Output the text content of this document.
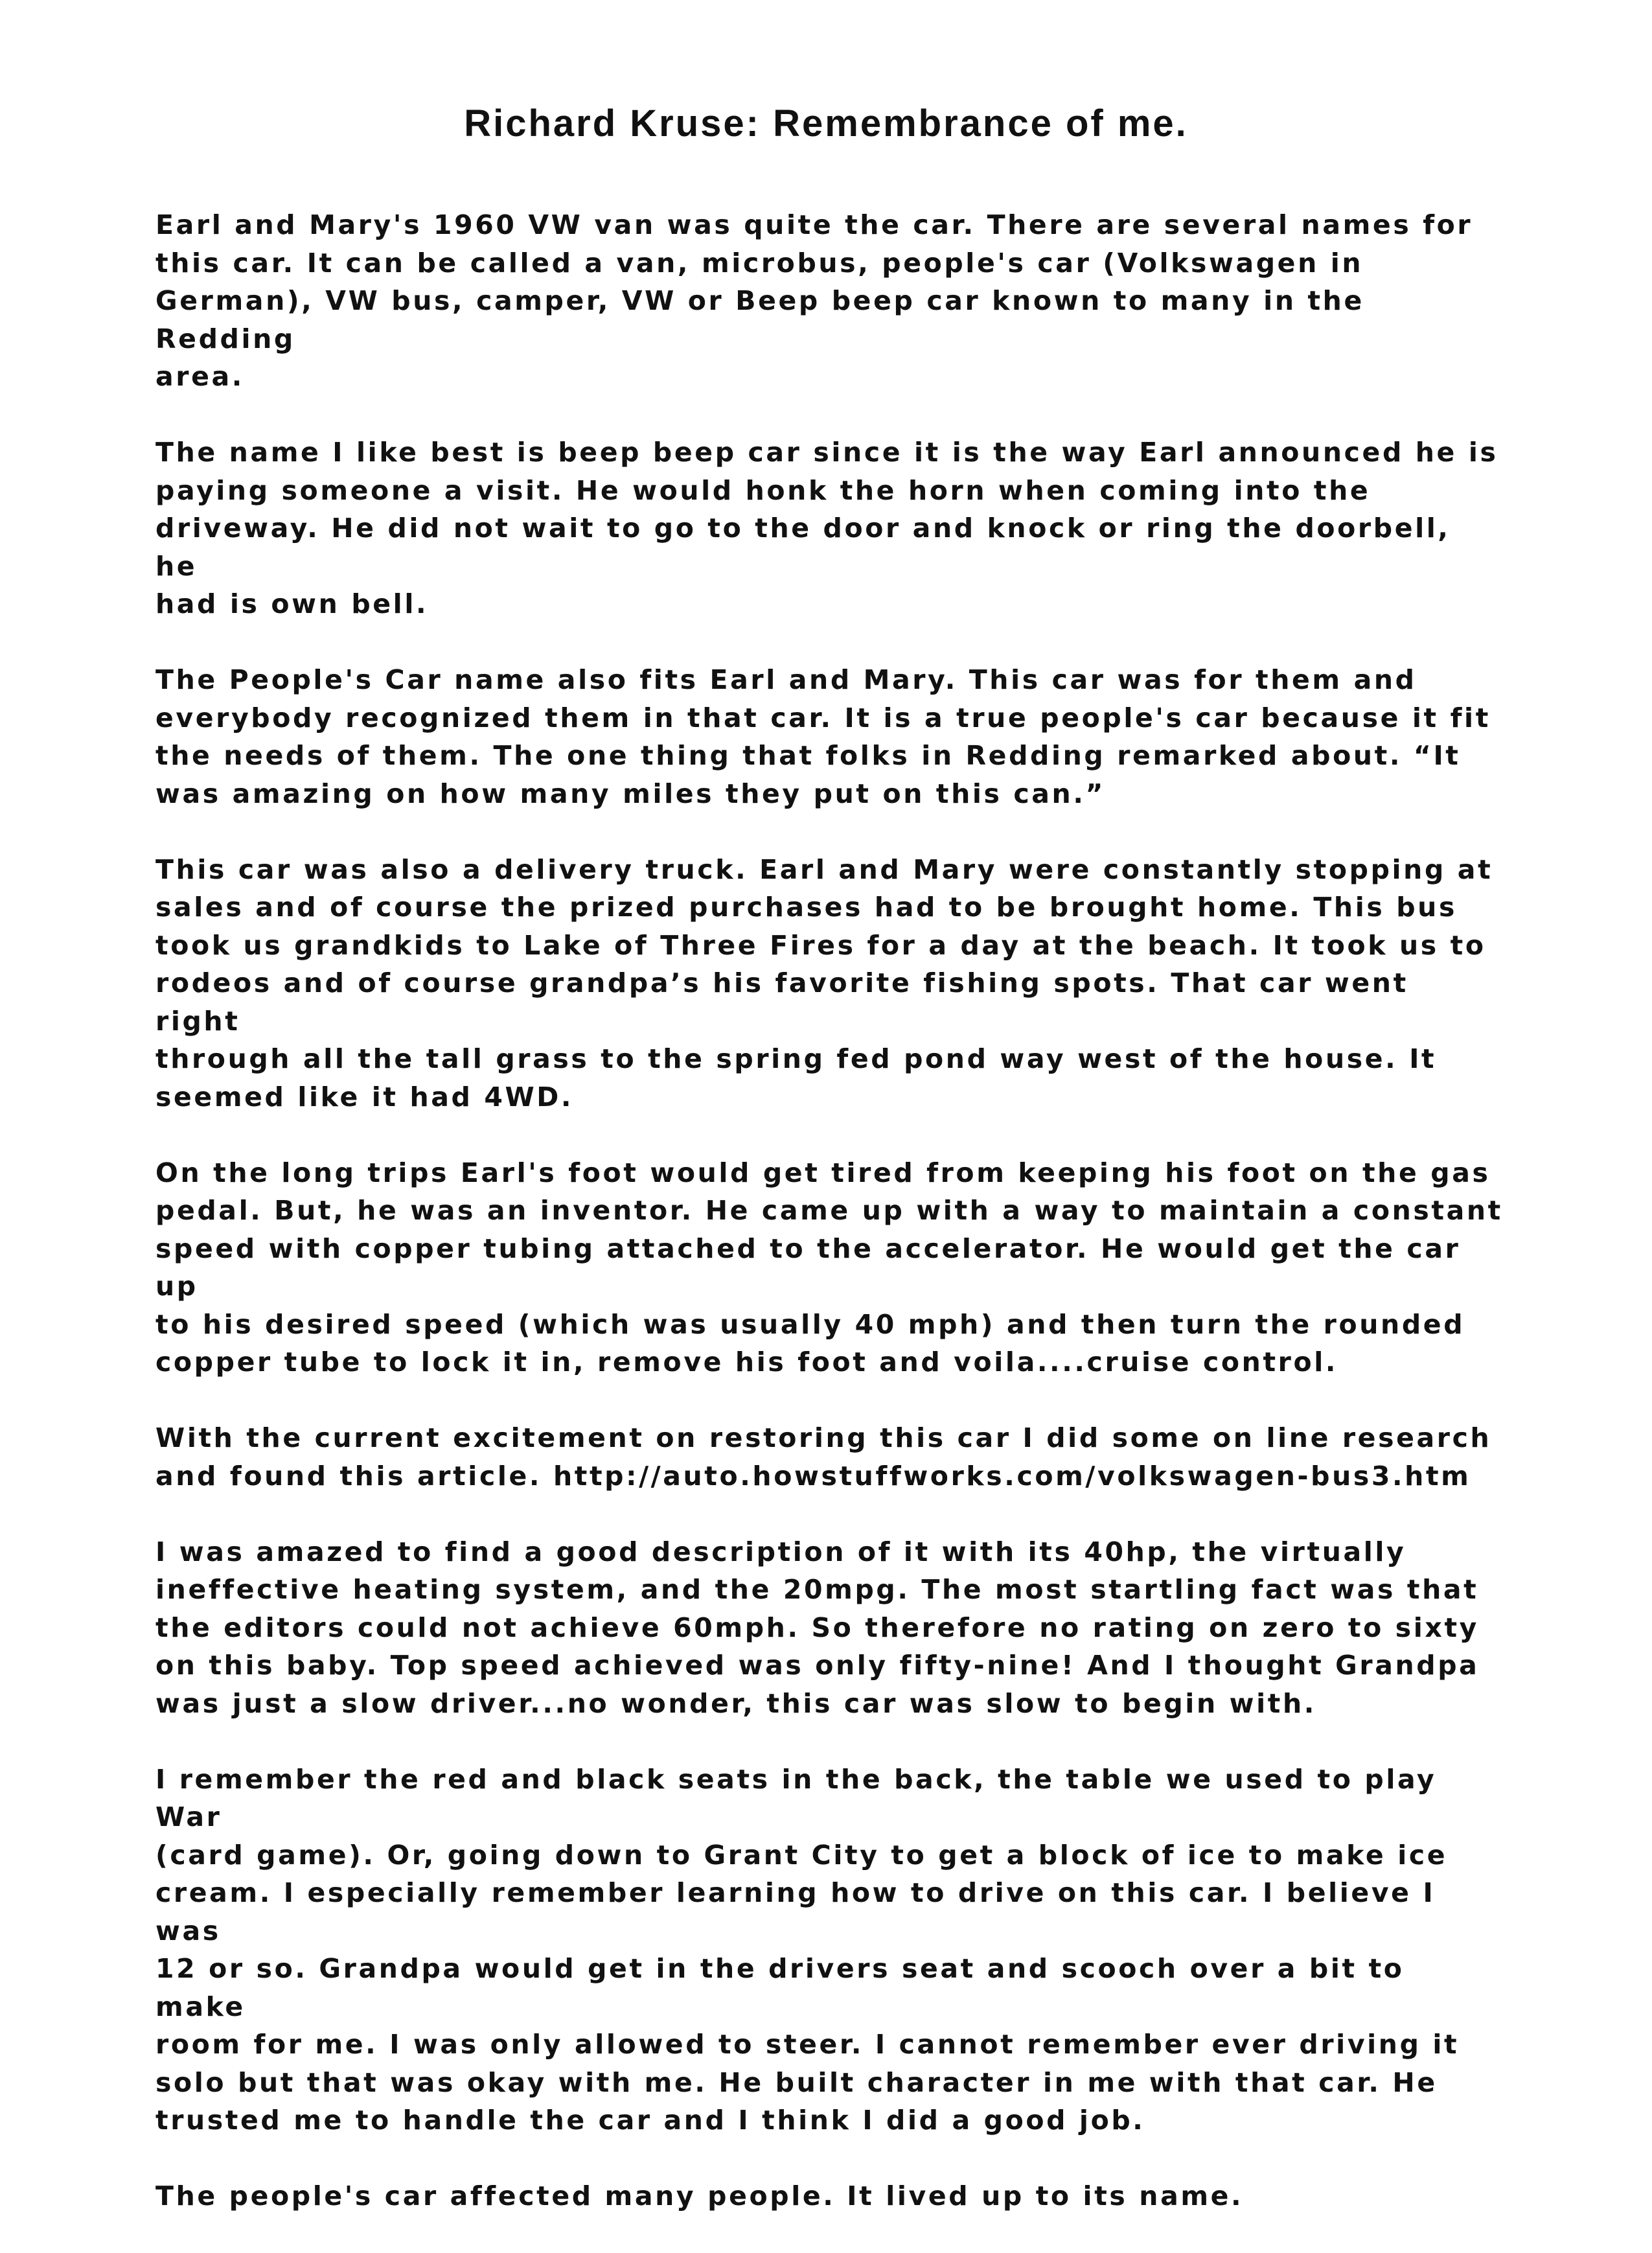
Richard Kruse: Remembrance of me.

Earl and Mary's 1960 VW van was quite the car. There are several names for
this car. It can be called a van, microbus, people's car (Volkswagen in
German), VW bus, camper, VW or Beep beep car known to many in the Redding
area.

The name I like best is beep beep car since it is the way Earl announced he is
paying someone a visit. He would honk the horn when coming into the
driveway. He did not wait to go to the door and knock or ring the doorbell, he
had is own bell.

The People's Car name also fits Earl and Mary. This car was for them and
everybody recognized them in that car. It is a true people's car because it fit
the needs of them. The one thing that folks in Redding remarked about. “It
was amazing on how many miles they put on this can.”

This car was also a delivery truck. Earl and Mary were constantly stopping at
sales and of course the prized purchases had to be brought home. This bus
took us grandkids to Lake of Three Fires for a day at the beach. It took us to
rodeos and of course grandpa’s his favorite fishing spots. That car went right
through all the tall grass to the spring fed pond way west of the house. It
seemed like it had 4WD.

On the long trips Earl's foot would get tired from keeping his foot on the gas
pedal. But, he was an inventor. He came up with a way to maintain a constant
speed with copper tubing attached to the accelerator. He would get the car up
to his desired speed (which was usually 40 mph) and then turn the rounded
copper tube to lock it in, remove his foot and voila....cruise control.

With the current excitement on restoring this car I did some on line research
and found this article. http://auto.howstuffworks.com/volkswagen-bus3.htm

I was amazed to find a good description of it with its 40hp, the virtually
ineffective heating system, and the 20mpg. The most startling fact was that
the editors could not achieve 60mph. So therefore no rating on zero to sixty
on this baby. Top speed achieved was only fifty-nine! And I thought Grandpa
was just a slow driver...no wonder, this car was slow to begin with.

I remember the red and black seats in the back, the table we used to play War
(card game). Or, going down to Grant City to get a block of ice to make ice
cream. I especially remember learning how to drive on this car. I believe I was
12 or so. Grandpa would get in the drivers seat and scooch over a bit to make
room for me. I was only allowed to steer. I cannot remember ever driving it
solo but that was okay with me. He built character in me with that car. He
trusted me to handle the car and I think I did a good job.

The people's car affected many people. It lived up to its name.
